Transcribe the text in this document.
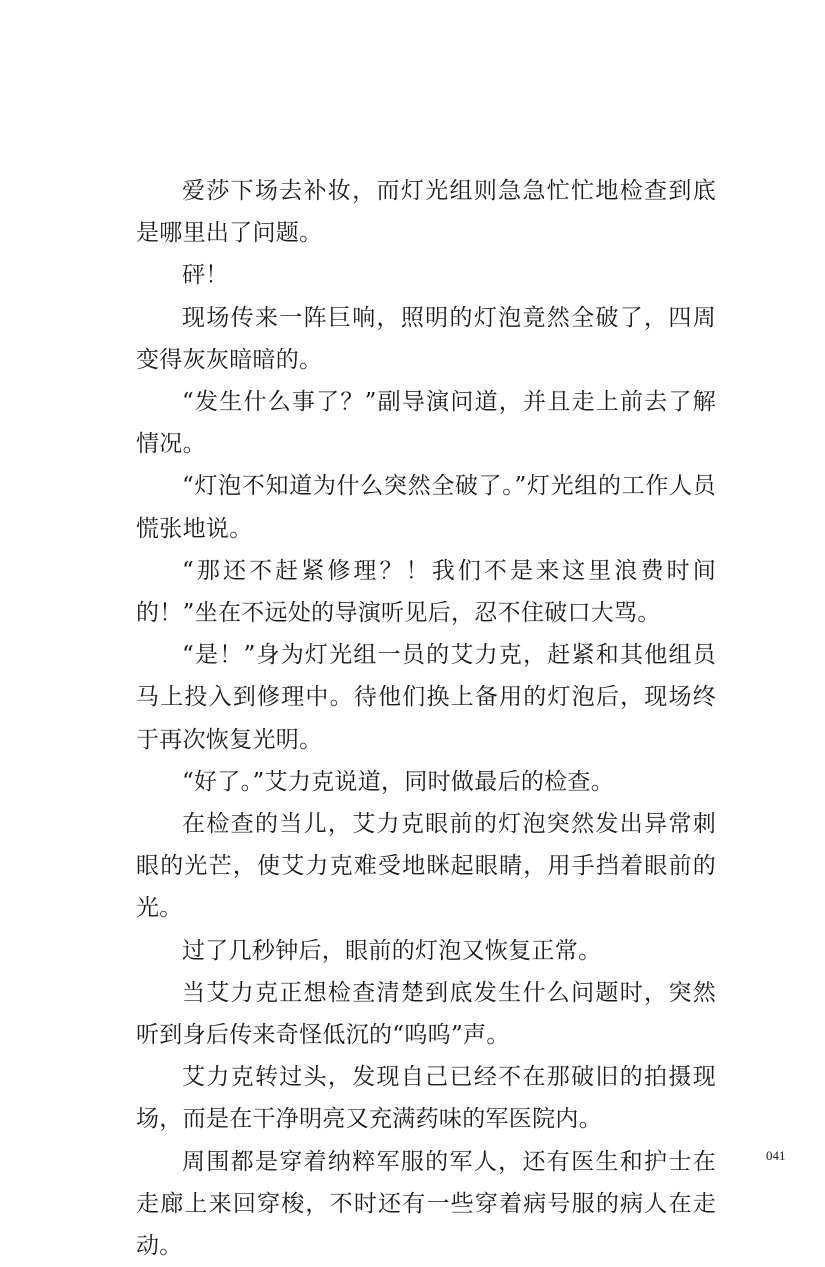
爱莎下场去补妆，而灯光组则急急忙忙地检查到底是哪里出了问题。

砰！

现场传来一阵巨响，照明的灯泡竟然全破了，四周变得灰灰暗暗的。

“发生什么事了？”副导演问道，并且走上前去了解情况。

“灯泡不知道为什么突然全破了。”灯光组的工作人员慌张地说。

“那还不赶紧修理？！我们不是来这里浪费时间的！”坐在不远处的导演听见后，忍不住破口大骂。

“是！”身为灯光组一员的艾力克，赶紧和其他组员马上投入到修理中。待他们换上备用的灯泡后，现场终于再次恢复光明。

“好了。”艾力克说道，同时做最后的检查。

在检查的当儿，艾力克眼前的灯泡突然发出异常刺眼的光芒，使艾力克难受地眯起眼睛，用手挡着眼前的光。

过了几秒钟后，眼前的灯泡又恢复正常。

当艾力克正想检查清楚到底发生什么问题时，突然听到身后传来奇怪低沉的“呜呜”声。

艾力克转过头，发现自己已经不在那破旧的拍摄现场，而是在干净明亮又充满药味的军医院内。

周围都是穿着纳粹军服的军人，还有医生和护士在走廊上来回穿梭，不时还有一些穿着病号服的病人在走动。

041
